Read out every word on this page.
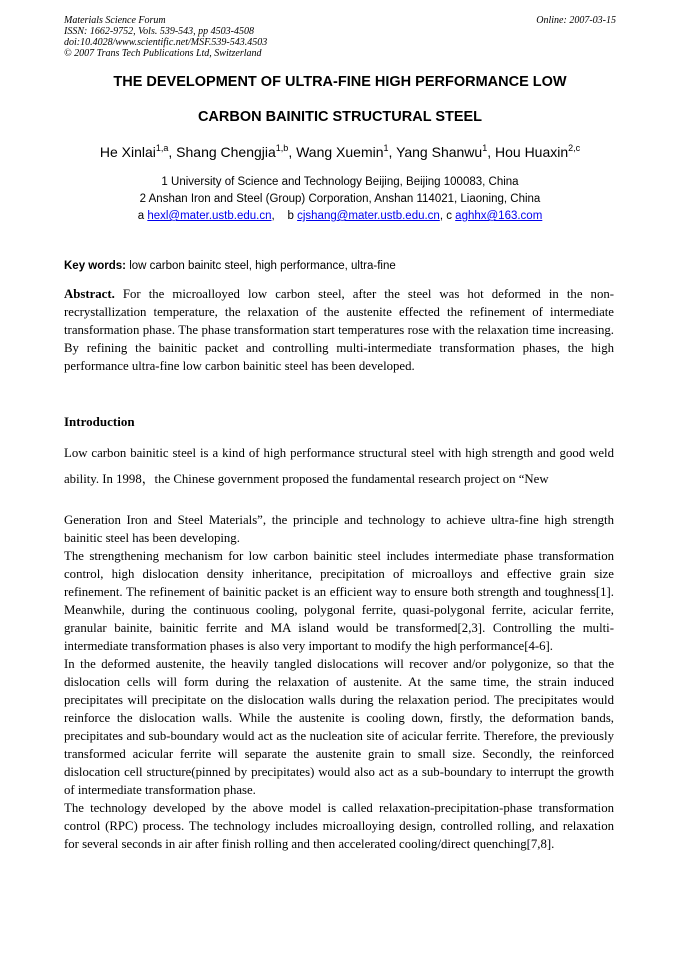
Materials Science Forum
ISSN: 1662-9752, Vols. 539-543, pp 4503-4508
doi:10.4028/www.scientific.net/MSF.539-543.4503
© 2007 Trans Tech Publications Ltd, Switzerland
Online: 2007-03-15
THE DEVELOPMENT OF ULTRA-FINE HIGH PERFORMANCE LOW
CARBON BAINITIC STRUCTURAL STEEL
He Xinlai$^{1,a}$, Shang Chengjia$^{1,b}$, Wang Xuemin$^1$, Yang Shanwu$^1$, Hou Huaxin$^{2,c}$
1 University of Science and Technology Beijing, Beijing 100083, China
2 Anshan Iron and Steel (Group) Corporation, Anshan 114021, Liaoning, China
a hexl@mater.ustb.edu.cn,    b cjshang@mater.ustb.edu.cn, c aghhx@163.com
Key words: low carbon bainitc steel, high performance, ultra-fine
Abstract. For the microalloyed low carbon steel, after the steel was hot deformed in the non-recrystallization temperature, the relaxation of the austenite effected the refinement of intermediate transformation phase. The phase transformation start temperatures rose with the relaxation time increasing. By refining the bainitic packet and controlling multi-intermediate transformation phases, the high performance ultra-fine low carbon bainitic steel has been developed.
Introduction
Low carbon bainitic steel is a kind of high performance structural steel with high strength and good weld ability. In 1998，the Chinese government proposed the fundamental research project on “New
Generation Iron and Steel Materials”, the principle and technology to achieve ultra-fine high strength bainitic steel has been developing.
The strengthening mechanism for low carbon bainitic steel includes intermediate phase transformation control, high dislocation density inheritance, precipitation of microalloys and effective grain size refinement. The refinement of bainitic packet is an efficient way to ensure both strength and toughness[1]. Meanwhile, during the continuous cooling, polygonal ferrite, quasi-polygonal ferrite, acicular ferrite, granular bainite, bainitic ferrite and MA island would be transformed[2,3]. Controlling the multi-intermediate transformation phases is also very important to modify the high performance[4-6].
In the deformed austenite, the heavily tangled dislocations will recover and/or polygonize, so that the dislocation cells will form during the relaxation of austenite. At the same time, the strain induced precipitates will precipitate on the dislocation walls during the relaxation period. The precipitates would reinforce the dislocation walls. While the austenite is cooling down, firstly, the deformation bands, precipitates and sub-boundary would act as the nucleation site of acicular ferrite. Therefore, the previously transformed acicular ferrite will separate the austenite grain to small size. Secondly, the reinforced dislocation cell structure(pinned by precipitates) would also act as a sub-boundary to interrupt the growth of intermediate transformation phase.
The technology developed by the above model is called relaxation-precipitation-phase transformation control (RPC) process. The technology includes microalloying design, controlled rolling, and relaxation for several seconds in air after finish rolling and then accelerated cooling/direct quenching[7,8].
